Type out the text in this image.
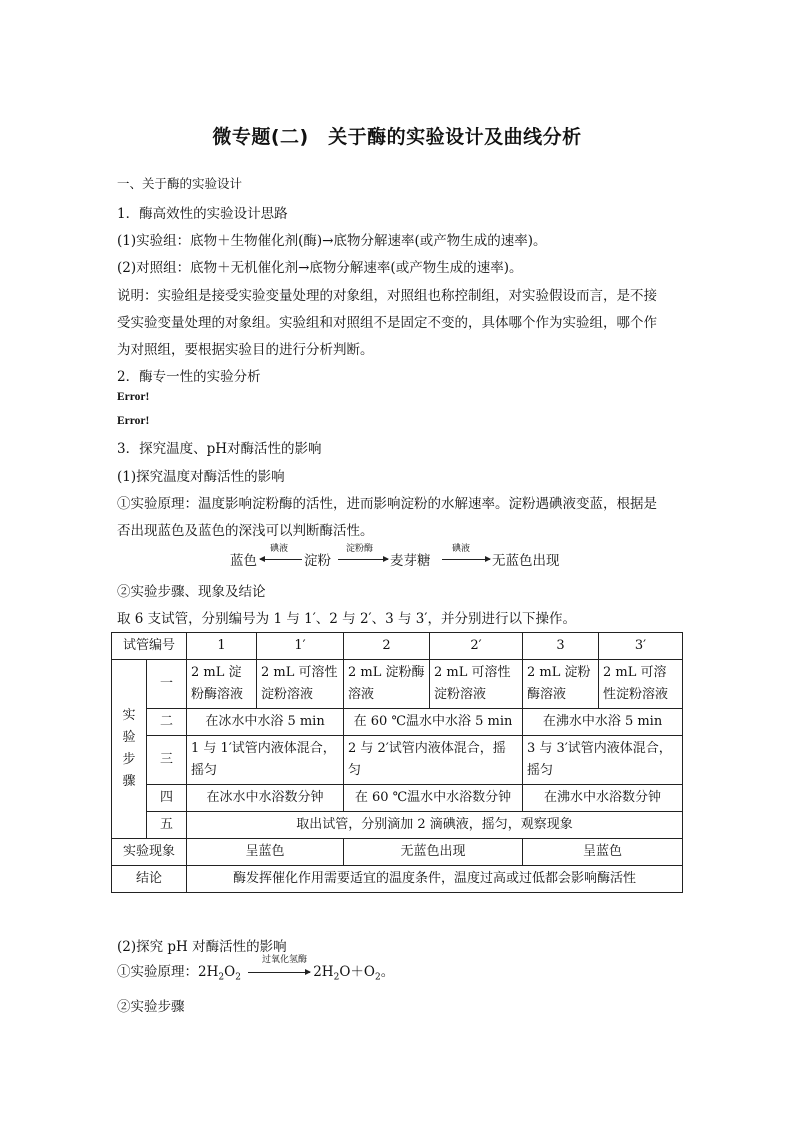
微专题(二)　关于酶的实验设计及曲线分析
一、关于酶的实验设计
1．酶高效性的实验设计思路
(1)实验组：底物＋生物催化剂(酶)→底物分解速率(或产物生成的速率)。
(2)对照组：底物＋无机催化剂→底物分解速率(或产物生成的速率)。
说明：实验组是接受实验变量处理的对象组，对照组也称控制组，对实验假设而言，是不接
受实验变量处理的对象组。实验组和对照组不是固定不变的，具体哪个作为实验组，哪个作
为对照组，要根据实验目的进行分析判断。
2．酶专一性的实验分析
Error!
Error!
3．探究温度、pH对酶活性的影响
(1)探究温度对酶活性的影响
①实验原理：温度影响淀粉酶的活性，进而影响淀粉的水解速率。淀粉遇碘液变蓝，根据是
否出现蓝色及蓝色的深浅可以判断酶活性。
蓝色
碘液
淀粉
淀粉酶
麦芽糖
碘液
无蓝色出现
②实验步骤、现象及结论
取 6 支试管，分别编号为 1 与 1′、2 与 2′、3 与 3′，并分别进行以下操作。
试管编号		1	1′	2	2′	3	3′

实
验
步
骤	一	2 mL 淀粉酶溶液	2 mL 可溶性淀粉溶液	2 mL 淀粉酶溶液	2 mL 可溶性淀粉溶液	2 mL 淀粉酶溶液	2 mL 可溶性淀粉溶液
	二	在冰水中水浴 5 min		在 60 ℃温水中水浴 5 min		在沸水中水浴 5 min	
	三	1 与 1′试管内液体混合，摇匀		2 与 2′试管内液体混合，摇匀		3 与 3′试管内液体混合，摇匀	
	四	在冰水中水浴数分钟		在 60 ℃温水中水浴数分钟		在沸水中水浴数分钟	
	五	取出试管，分别滴加 2 滴碘液，摇匀，观察现象					
实验现象		呈蓝色		无蓝色出现		呈蓝色	
结论		酶发挥催化作用需要适宜的温度条件，温度过高或过低都会影响酶活性					
(2)探究 pH 对酶活性的影响
①实验原理：$2H_2O_2$
过氧化氢酶
$2H_2O+O_2$。
②实验步骤
